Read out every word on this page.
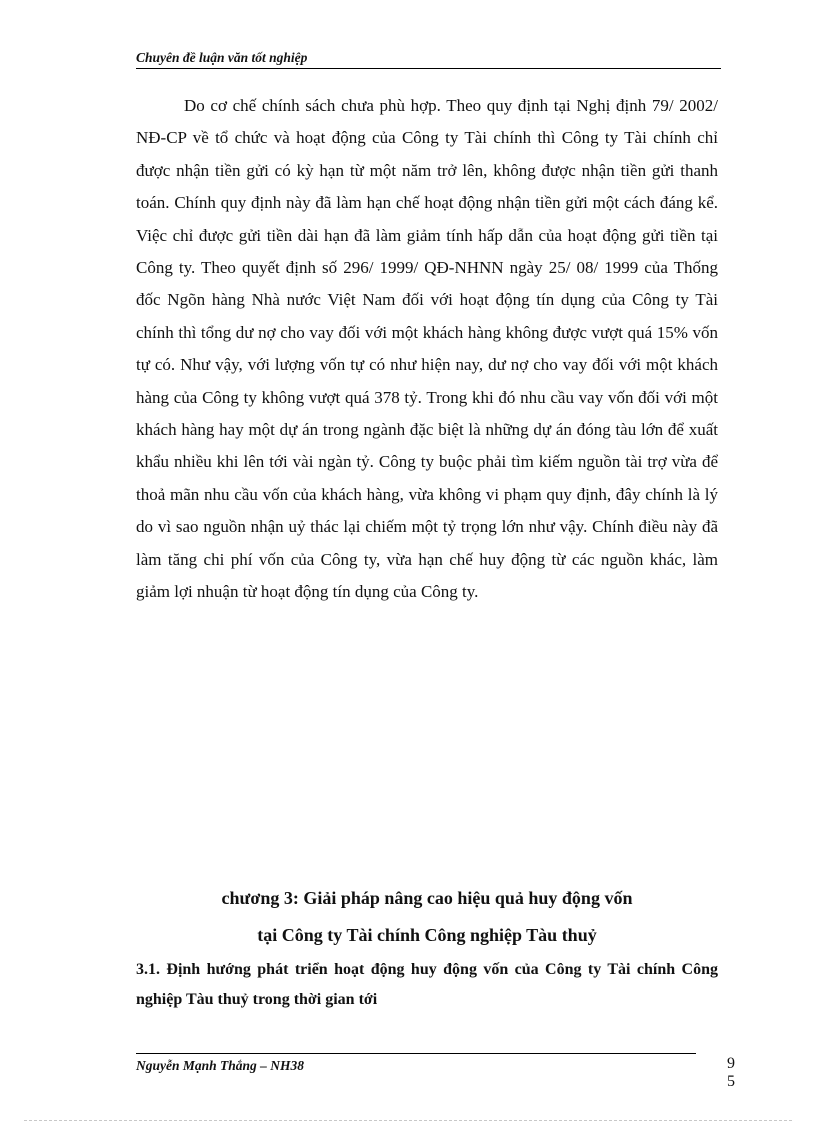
Chuyên đề luận văn tốt nghiệp

Do cơ chế chính sách chưa phù hợp. Theo quy định tại Nghị định 79/ 2002/ NĐ-CP về tổ chức và hoạt động của Công ty Tài chính thì Công ty Tài chính chỉ được nhận tiền gửi có kỳ hạn từ một năm trở lên, không được nhận tiền gửi thanh toán. Chính quy định này đã làm hạn chế hoạt động nhận tiền gửi một cách đáng kể. Việc chỉ được gửi tiền dài hạn đã làm giảm tính hấp dẫn của hoạt động gửi tiền tại Công ty. Theo quyết định số 296/ 1999/ QĐ-NHNN ngày 25/ 08/ 1999 của Thống đốc Ngõn hàng Nhà nước Việt Nam đối với hoạt động tín dụng của Công ty Tài chính thì tổng dư nợ cho vay đối với một khách hàng không được vượt quá 15% vốn tự có. Như vậy, với lượng vốn tự có như hiện nay, dư nợ cho vay đối với một khách hàng của Công ty không vượt quá 378 tỷ. Trong khi đó nhu cầu vay vốn đối với một khách hàng hay một dự án trong ngành đặc biệt là những dự án đóng tàu lớn để xuất khẩu nhiều khi lên tới vài ngàn tỷ. Công ty buộc phải tìm kiếm nguồn tài trợ vừa để thoả mãn nhu cầu vốn của khách hàng, vừa không vi phạm quy định, đây chính là lý do vì sao nguồn nhận uỷ thác lại chiếm một tỷ trọng lớn như vậy. Chính điều này đã làm tăng chi phí vốn của Công ty, vừa hạn chế huy động từ các nguồn khác, làm giảm lợi nhuận từ hoạt động tín dụng của Công ty.

chương 3: Giải pháp nâng cao hiệu quả huy động vốn
tại Công ty Tài chính Công nghiệp Tàu thuỷ
3.1. Định hướng phát triển hoạt động huy động vốn của Công ty Tài chính Công nghiệp Tàu thuỷ trong thời gian tới
Nguyễn Mạnh Thắng – NH38	9
5
